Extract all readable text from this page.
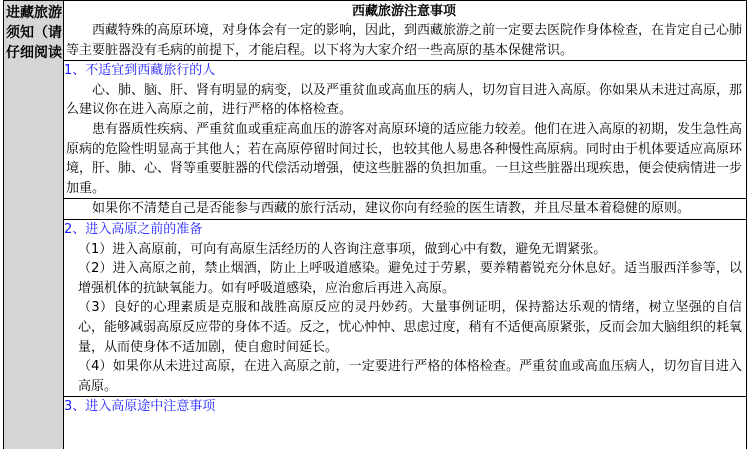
进藏旅游须知（请仔细阅读
西藏旅游注意事项

西藏特殊的高原环境，对身体会有一定的影响，因此，到西藏旅游之前一定要去医院作身体检查，在肯定自己心肺等主要脏器没有毛病的前提下，才能启程。以下将为大家介绍一些高原的基本保健常识。

1、不适宜到西藏旅行的人

心、肺、脑、肝、肾有明显的病变，以及严重贫血或高血压的病人，切勿盲目进入高原。你如果从未进过高原，那么建议你在进入高原之前，进行严格的体格检查。

患有器质性疾病、严重贫血或重症高血压的游客对高原环境的适应能力较差。他们在进入高原的初期，发生急性高原病的危险性明显高于其他人；若在高原停留时间过长，也较其他人易患各种慢性高原病。同时由于机体要适应高原环境，肝、肺、心、肾等重要脏器的代偿活动增强，使这些脏器的负担加重。一旦这些脏器出现疾患，便会使病情进一步加重。

如果你不清楚自己是否能参与西藏的旅行活动，建议你向有经验的医生请教，并且尽量本着稳健的原则。

2、进入高原之前的准备

（1）进入高原前，可向有高原生活经历的人咨询注意事项，做到心中有数，避免无谓紧张。

（2）进入高原之前，禁止烟酒，防止上呼吸道感染。避免过于劳累，要养精蓄锐充分休息好。适当服西洋参等，以增强机体的抗缺氧能力。如有呼吸道感染，应治愈后再进入高原。

（3）良好的心理素质是克服和战胜高原反应的灵丹妙药。大量事例证明，保持豁达乐观的情绪，树立坚强的自信心，能够减弱高原反应带的身体不适。反之，忧心忡忡、思虑过度，稍有不适便高原紧张，反而会加大脑组织的耗氧量，从而使身体不适加剧，使自愈时间延长。

（4）如果你从未进过高原，在进入高原之前，一定要进行严格的体格检查。严重贫血或高血压病人，切勿盲目进入高原。

3、进入高原途中注意事项
